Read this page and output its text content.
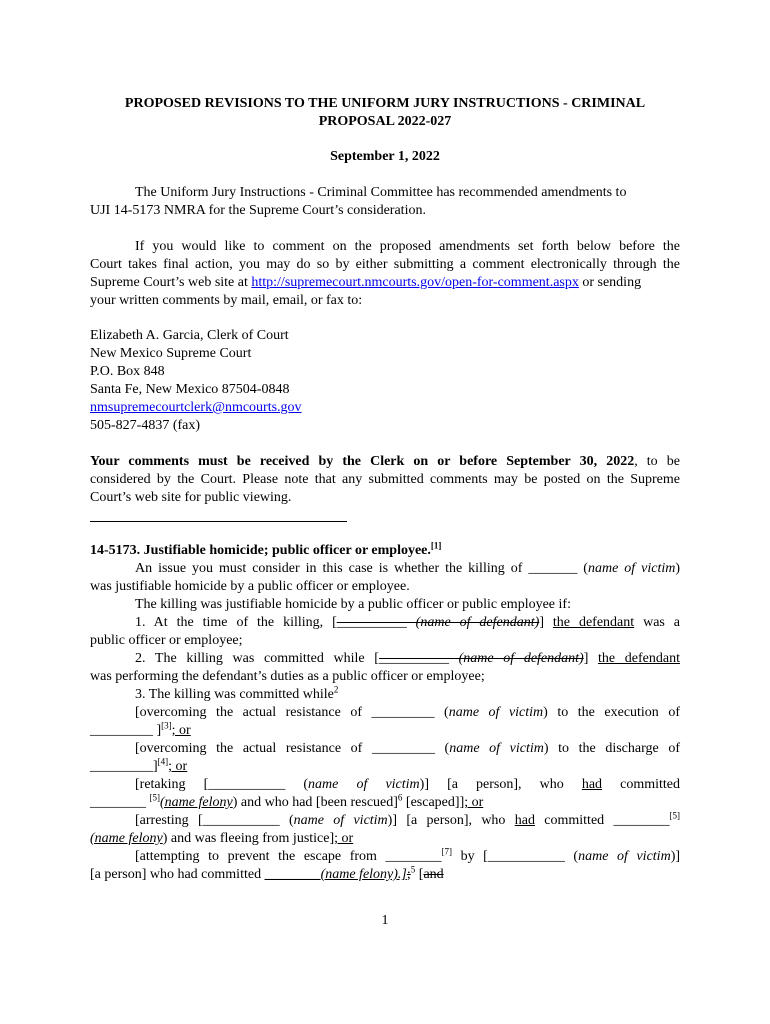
PROPOSED REVISIONS TO THE UNIFORM JURY INSTRUCTIONS - CRIMINAL
PROPOSAL 2022-027
September 1, 2022
The Uniform Jury Instructions - Criminal Committee has recommended amendments to
UJI 14-5173 NMRA for the Supreme Court’s consideration.
If you would like to comment on the proposed amendments set forth below before the
Court takes final action, you may do so by either submitting a comment electronically through the
Supreme Court’s web site at http://supremecourt.nmcourts.gov/open-for-comment.aspx or sending
your written comments by mail, email, or fax to:
Elizabeth A. Garcia, Clerk of Court
New Mexico Supreme Court
P.O. Box 848
Santa Fe, New Mexico 87504-0848
nmsupremecourtclerk@nmcourts.gov
505-827-4837 (fax)
Your comments must be received by the Clerk on or before September 30, 2022, to be
considered by the Court. Please note that any submitted comments may be posted on the Supreme
Court’s web site for public viewing.
14-5173. Justifiable homicide; public officer or employee.[1]
An issue you must consider in this case is whether the killing of _______ (name of victim)
was justifiable homicide by a public officer or employee.
The killing was justifiable homicide by a public officer or public employee if:
1. At the time of the killing, [__________ (name of defendant)] the defendant was a
public officer or employee;
2. The killing was committed while [__________ (name of defendant)] the defendant
was performing the defendant’s duties as a public officer or employee;
3. The killing was committed while$^2$
[overcoming the actual resistance of _________ (name of victim) to the execution of
_________ ][3]; or
[overcoming the actual resistance of _________ (name of victim) to the discharge of
_________][4]; or
[retaking [___________ (name of victim)] [a person], who had committed
________ [5](name felony) and who had [been rescued]$^6$ [escaped]]; or
[arresting [___________ (name of victim)] [a person], who had committed ________[5]
(name felony) and was fleeing from justice]; or
[attempting to prevent the escape from ________[7] by [___________ (name of victim)]
[a person] who had committed ________(name felony).];$^5$ [and
1
